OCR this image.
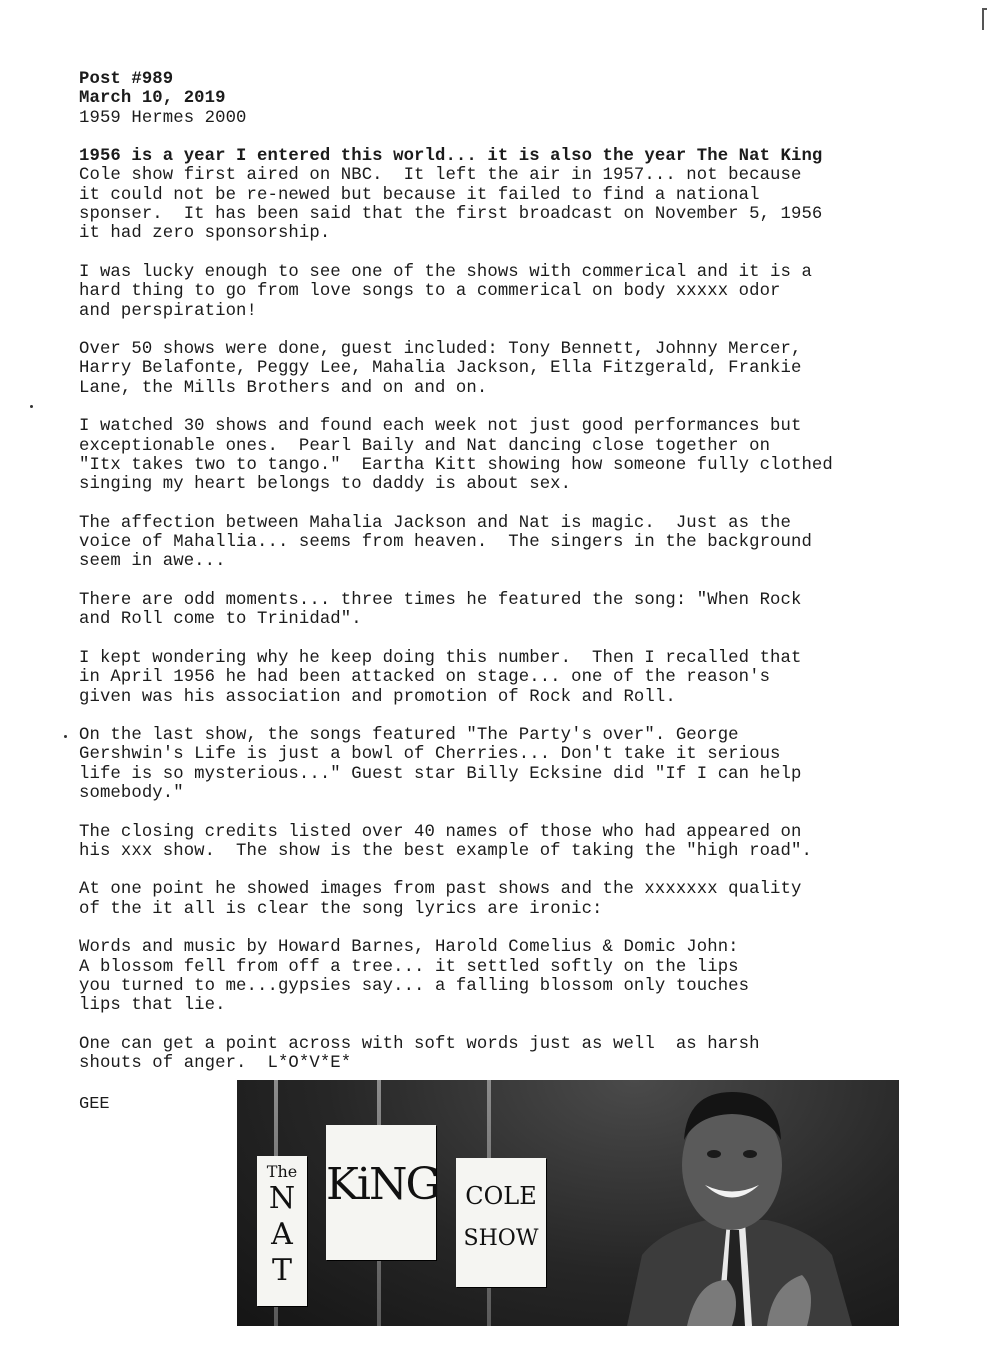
Post #989
March 10, 2019
1959 Hermes 2000
1956 is a year I entered this world... it is also the year The Nat King
Cole show first aired on NBC.  It left the air in 1957... not because
it could not be re-newed but because it failed to find a national
sponser.  It has been said that the first broadcast on November 5, 1956
it had zero sponsorship.
I was lucky enough to see one of the shows with commerical and it is a
hard thing to go from love songs to a commerical on body xxxxx odor
and perspiration!
Over 50 shows were done, guest included: Tony Bennett, Johnny Mercer,
Harry Belafonte, Peggy Lee, Mahalia Jackson, Ella Fitzgerald, Frankie
Lane, the Mills Brothers and on and on.
I watched 30 shows and found each week not just good performances but
exceptionable ones.  Pearl Baily and Nat dancing close together on
"Itx takes two to tango."  Eartha Kitt showing how someone fully clothed
singing my heart belongs to daddy is about sex.
The affection between Mahalia Jackson and Nat is magic.  Just as the
voice of Mahallia... seems from heaven.  The singers in the background
seem in awe...
There are odd moments... three times he featured the song: "When Rock
and Roll come to Trinidad".
I kept wondering why he keep doing this number.  Then I recalled that
in April 1956 he had been attacked on stage... one of the reason's
given was his association and promotion of Rock and Roll.
On the last show, the songs featured "The Party's over". George
Gershwin's Life is just a bowl of Cherries... Don't take it serious
life is so mysterious..." Guest star Billy Ecksine did "If I can help
somebody."
The closing credits listed over 40 names of those who had appeared on
his xxx show.  The show is the best example of taking the "high road".
At one point he showed images from past shows and the xxxxxxx quality
of the it all is clear the song lyrics are ironic:
Words and music by Howard Barnes, Harold Comelius & Domic John:
A blossom fell from off a tree... it settled softly on the lips
you turned to me...gypsies say... a falling blossom only touches
lips that lie.
One can get a point across with soft words just as well  as harsh
shouts of anger.  L*O*V*E*
GEE
The
N
A
T
KiNG	COLE
SHOW
